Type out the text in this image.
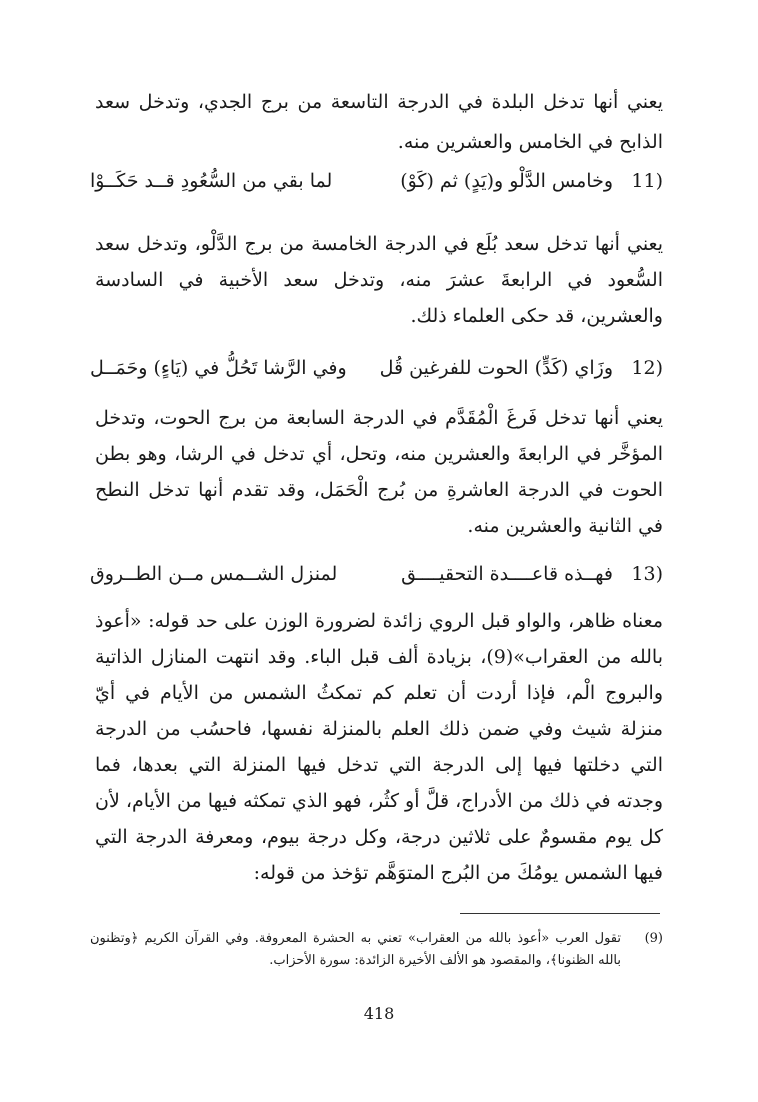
يعني أنها تدخل البلدة في الدرجة التاسعة من برج الجدي، وتدخل سعد الذابح في الخامس والعشرين منه.

11)
وخامس الدَّلْو و(يَدٍ) ثم (كَوْ)
لما بقي من السُّعُودِ قــد حَكَــوْا

يعني أنها تدخل سعد بُلَع في الدرجة الخامسة من برج الدَّلْو، وتدخل سعد السُّعود في الرابعةَ عشرَ منه، وتدخل سعد الأخبية في السادسة والعشرين، قد حكى العلماء ذلك.

12)
وزَاي (كَدٍّ) الحوت للفرغين قُل
وفي الرَّشا تَحُلُّ في (يَاءٍ) وحَمَــل

يعني أنها تدخل فَرغَ الْمُقَدَّم في الدرجة السابعة من برج الحوت، وتدخل المؤخَّر في الرابعةَ والعشرين منه، وتحل، أي تدخل في الرشا، وهو بطن الحوت في الدرجة العاشرةِ من بُرج الْحَمَل، وقد تقدم أنها تدخل النطح في الثانية والعشرين منه.

13)
فهــذه قاعــــدة التحقيــــق
لمنزل الشــمس مــن الطــروق

معناه ظاهر، والواو قبل الروي زائدة لضرورة الوزن على حد قوله: «أعوذ بالله من العقراب»(9)، بزيادة ألف قبل الباء. وقد انتهت المنازل الذاتية والبروج الْم، فإذا أردت أن تعلم كم تمكثُ الشمس من الأيام في أيّ منزلة شيث وفي ضمن ذلك العلم بالمنزلة نفسها، فاحسُب من الدرجة التي دخلتها فيها إلى الدرجة التي تدخل فيها المنزلة التي بعدها، فما وجدته في ذلك من الأدراج، قلَّ أو كثُر، فهو الذي تمكثه فيها من الأيام، لأن كل يوم مقسومٌ على ثلاثين درجة، وكل درجة بيوم، ومعرفة الدرجة التي فيها الشمس يومُكَ من البُرج المتوَهَّم تؤخذ من قوله:

(9)
تقول العرب «أعوذ بالله من العقراب» تعني به الحشرة المعروفة. وفي القرآن الكريم ﴿وتظنون بالله الظنونا﴾، والمقصود هو الألف الأخيرة الزائدة: سورة الأحزاب.
418
